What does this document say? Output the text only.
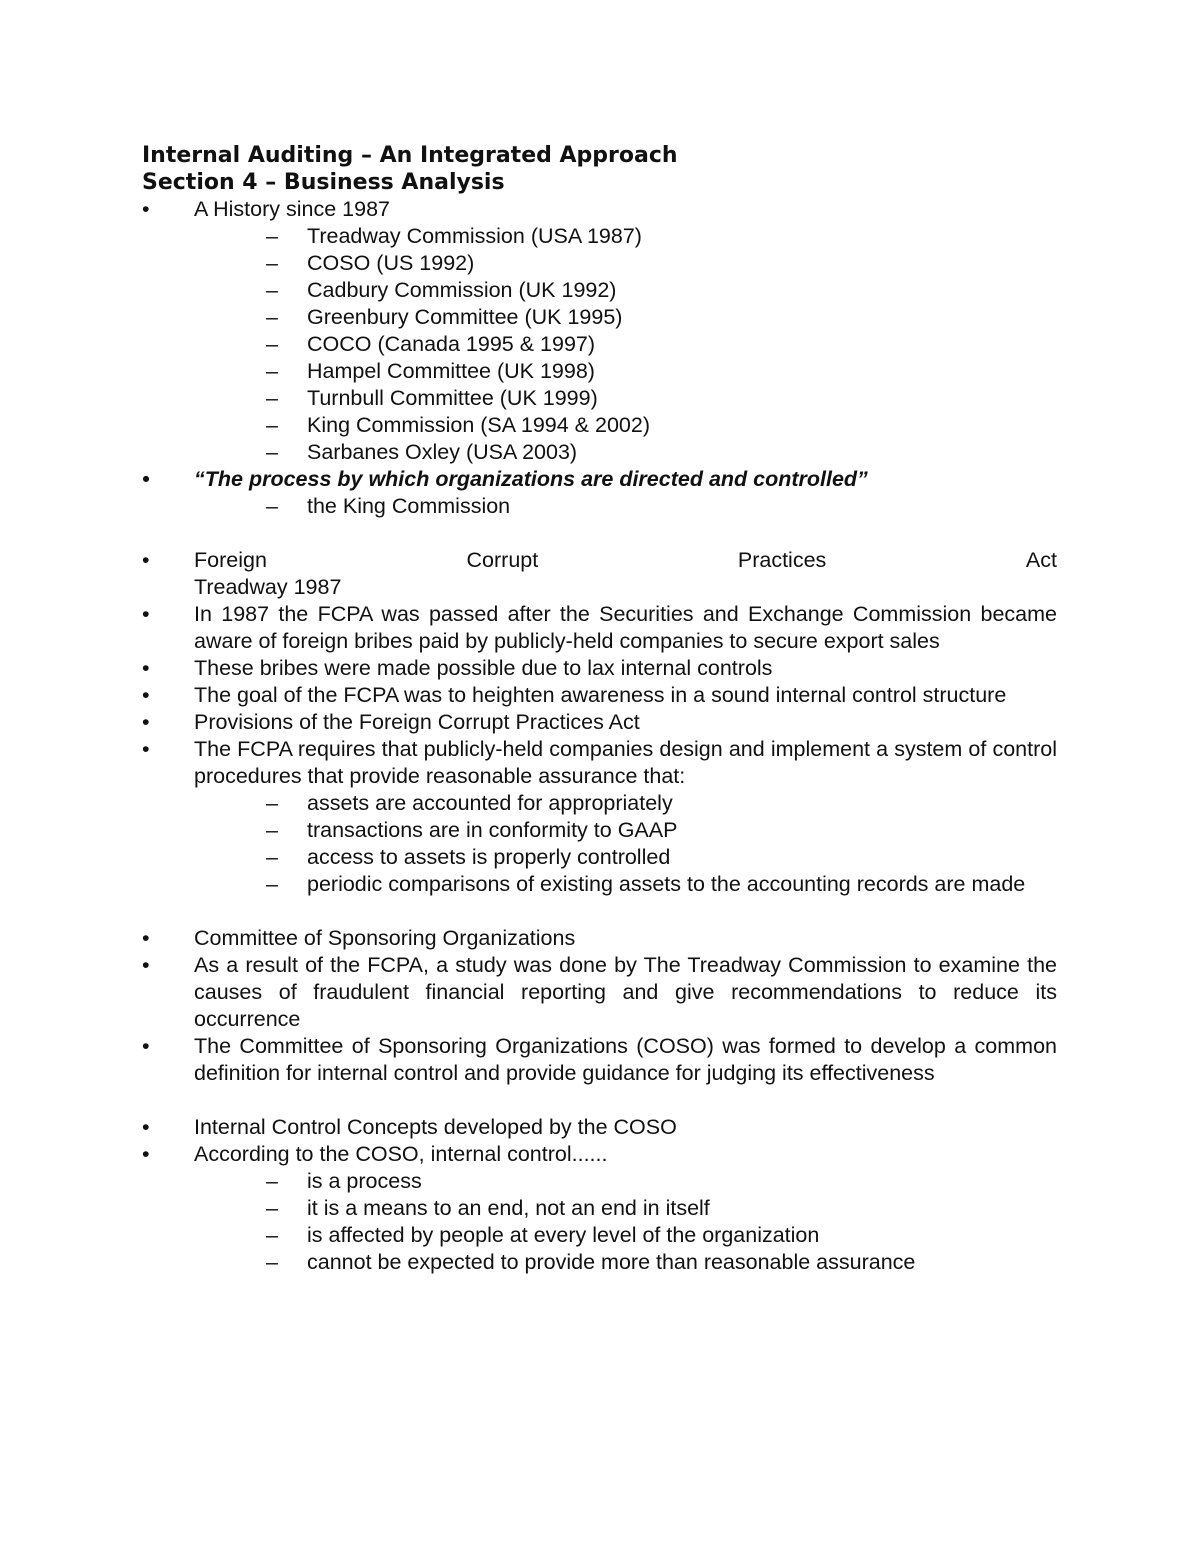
Internal Auditing – An Integrated Approach
Section 4 – Business Analysis
• A History since 1987
– Treadway Commission (USA 1987)
– COSO (US 1992)
– Cadbury Commission (UK 1992)
– Greenbury Committee (UK 1995)
– COCO (Canada 1995 & 1997)
– Hampel Committee (UK 1998)
– Turnbull Committee (UK 1999)
– King Commission (SA 1994 & 2002)
– Sarbanes Oxley (USA 2003)
• “The process by which organizations are directed and controlled”
– the King Commission
• Foreign	Corrupt	Practices	Act
Treadway 1987
• In 1987 the FCPA was passed after the Securities and Exchange Commission became aware of foreign bribes paid by publicly-held companies to secure export sales
• These bribes were made possible due to lax internal controls
• The goal of the FCPA was to heighten awareness in a sound internal control structure
• Provisions of the Foreign Corrupt Practices Act
• The FCPA requires that publicly-held companies design and implement a system of control procedures that provide reasonable assurance that:
– assets are accounted for appropriately
– transactions are in conformity to GAAP
– access to assets is properly controlled
– periodic comparisons of existing assets to the accounting records are made
• Committee of Sponsoring Organizations
• As a result of the FCPA, a study was done by The Treadway Commission to examine the causes of fraudulent financial reporting and give recommendations to reduce its occurrence
• The Committee of Sponsoring Organizations (COSO) was formed to develop a common definition for internal control and provide guidance for judging its effectiveness
• Internal Control Concepts developed by the COSO
• According to the COSO, internal control......
– is a process
– it is a means to an end, not an end in itself
– is affected by people at every level of the organization
– cannot be expected to provide more than reasonable assurance
